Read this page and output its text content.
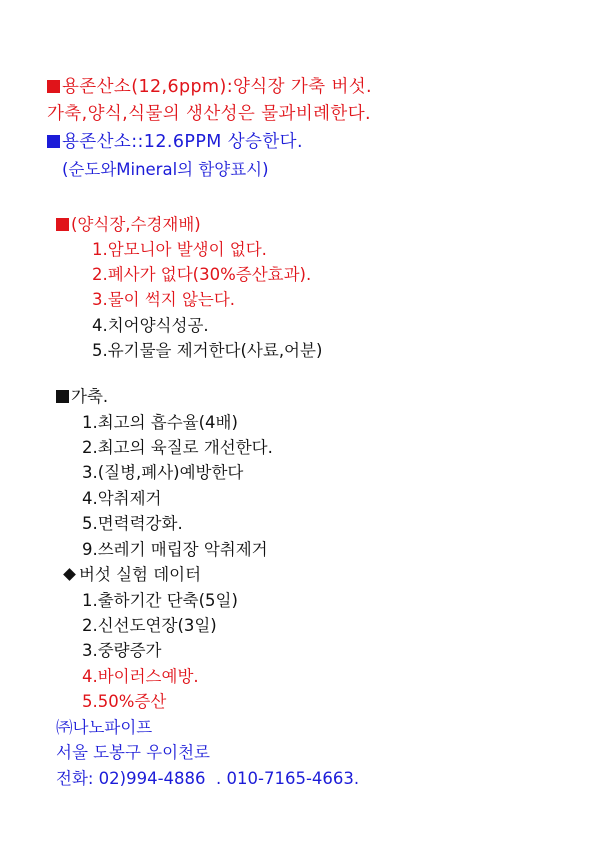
용존산소(12,6ppm):양식장 가축 버섯.
가축,양식,식물의 생산성은 물과비례한다.
용존산소::12.6PPM 상승한다.
(순도와Mineral의 함양표시)
(양식장,수경재배)
1.암모니아 발생이 없다.
2.폐사가 없다(30%증산효과).
3.물이 썩지 않는다.
4.치어양식성공.
5.유기물을 제거한다(사료,어분)
가축.
1.최고의 흡수율(4배)
2.최고의 육질로 개선한다.
3.(질병,폐사)예방한다
4.악취제거
5.면력력강화.
9.쓰레기 매립장 악취제거
버섯 실험 데이터
1.출하기간 단축(5일)
2.신선도연장(3일)
3.중량증가
4.바이러스예방.
5.50%증산
㈜나노파이프
서울 도봉구 우이천로
전화: 02)994-4886  . 010-7165-4663.
